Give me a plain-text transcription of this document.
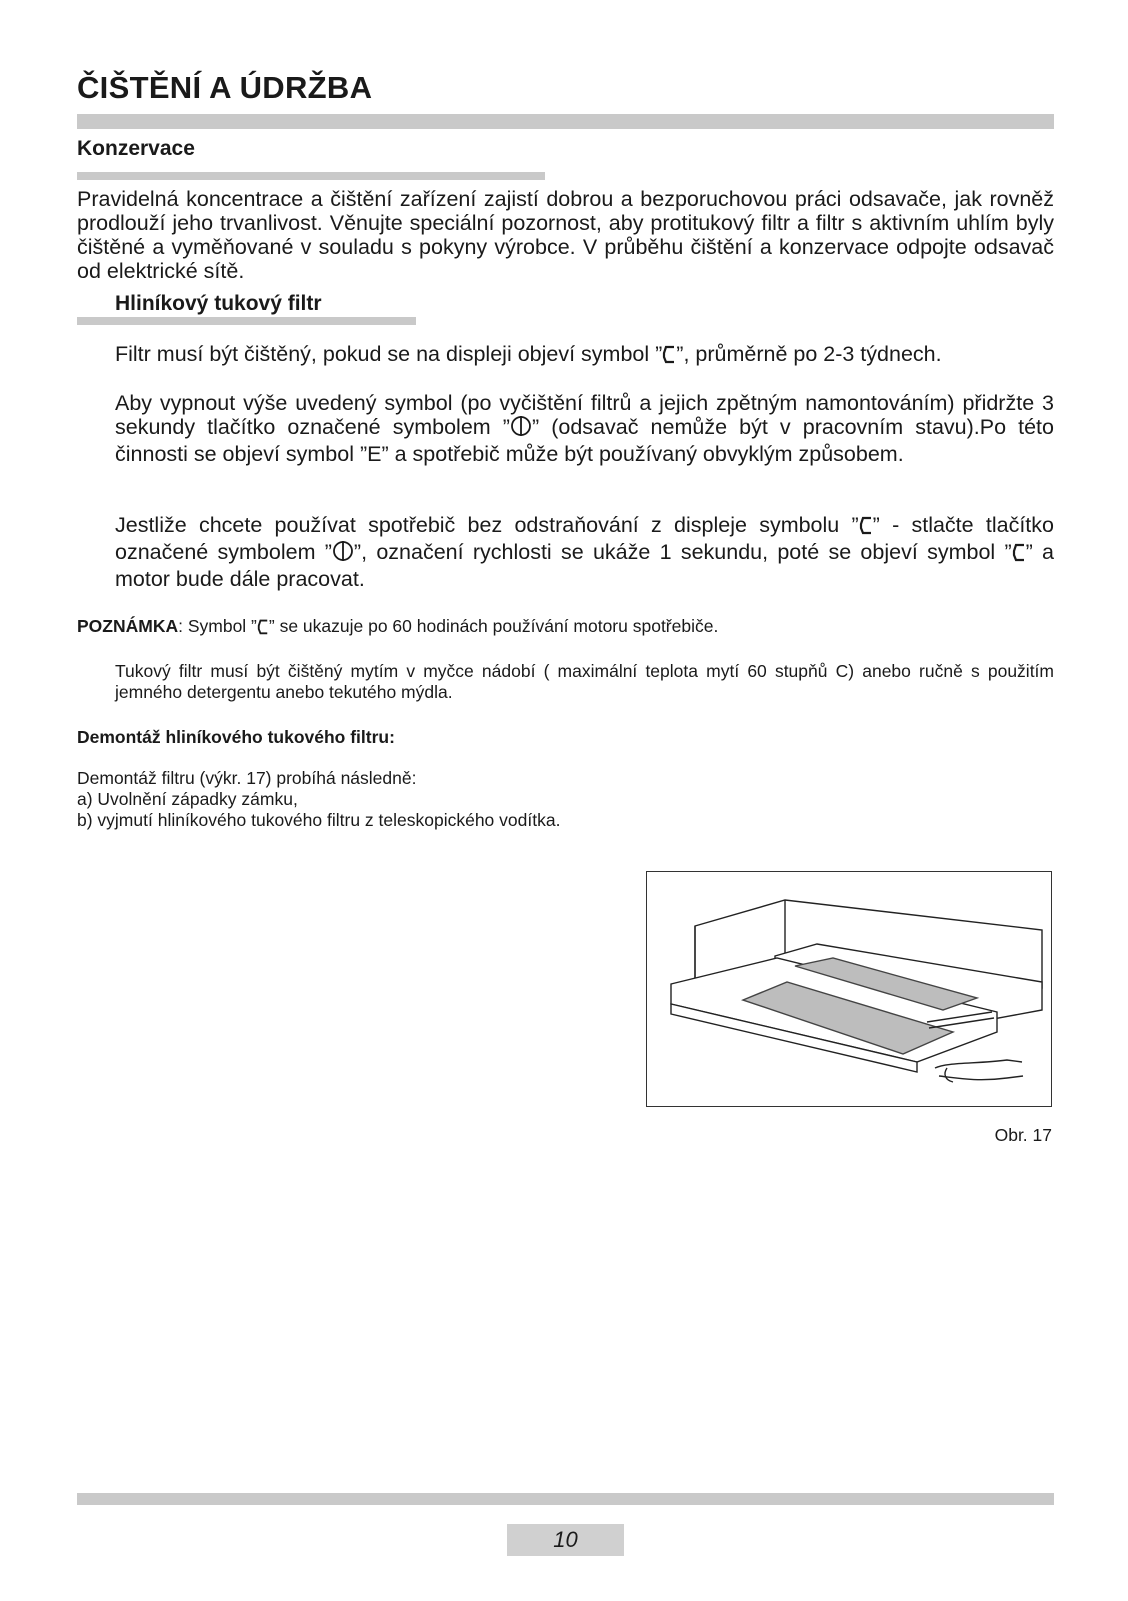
ČIŠTĚNÍ A ÚDRŽBA
Konzervace

Pravidelná koncentrace a čištění zařízení zajistí dobrou a bezporuchovou práci odsavače, jak rovněž prodlouží jeho trvanlivost. Věnujte speciální pozornost, aby protitukový filtr a filtr s aktivním uhlím byly čištěné a vyměňované v souladu s pokyny výrobce. V průběhu čištění a konzervace odpojte odsavač od elektrické sítě.

Hliníkový tukový filtr

Filtr musí být čištěný, pokud se na displeji objeví symbol ” ”, průměrně po 2-3 týdnech.

Aby vypnout výše uvedený symbol (po vyčištění filtrů a jejich zpětným namontováním) přidržte 3 sekundy tlačítko označené symbolem ” ” (odsavač nemůže být v pracovním stavu).Po této činnosti se objeví symbol ”E” a spotřebič může být používaný obvyklým způsobem.

Jestliže chcete používat spotřebič bez odstraňování z displeje symbolu ” ” - stlačte tlačítko označené symbolem ” ”, označení rychlosti se ukáže 1 sekundu, poté se objeví symbol ” ” a motor bude dále pracovat.

POZNÁMKA: Symbol ” ” se ukazuje po 60 hodinách používání motoru spotřebiče.
Tukový filtr musí být čištěný mytím v myčce nádobí ( maximální teplota mytí 60 stupňů C) anebo ručně s použitím jemného detergentu anebo tekutého mýdla.
Demontáž hliníkového tukového filtru:
Demontáž filtru (výkr. 17) probíhá následně:
a) Uvolnění západky zámku,
b) vyjmutí hliníkového tukového filtru z teleskopického vodítka.
Obr. 17
10
